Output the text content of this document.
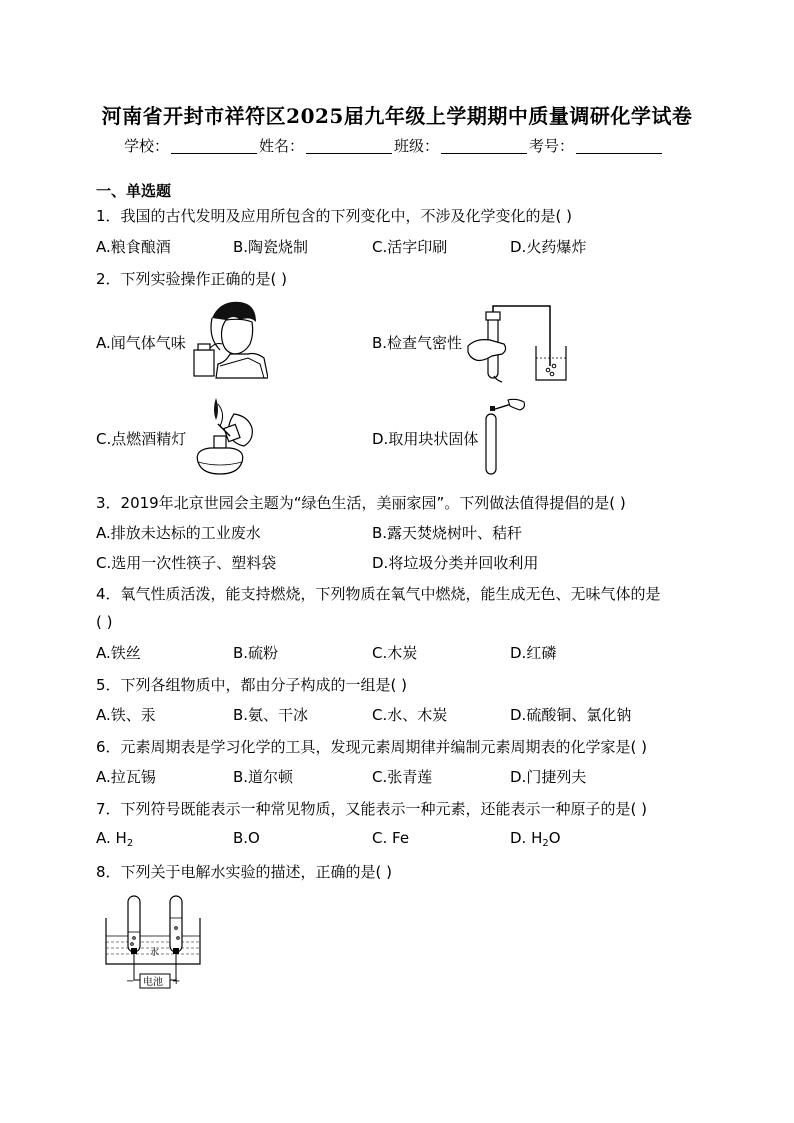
河南省开封市祥符区2025届九年级上学期期中质量调研化学试卷
学校：	姓名：	班级：	考号：
一、单选题
1．我国的古代发明及应用所包含的下列变化中，不涉及化学变化的是( )
A.粮食酿酒	B.陶瓷烧制	C.活字印刷	D.火药爆炸
2．下列实验操作正确的是( )
A.闻气体气味	B.检查气密性
C.点燃酒精灯	D.取用块状固体
3．2019年北京世园会主题为“绿色生活，美丽家园”。下列做法值得提倡的是( )
A.排放未达标的工业废水	B.露天焚烧树叶、秸秆
C.选用一次性筷子、塑料袋	D.将垃圾分类并回收利用
4．氧气性质活泼，能支持燃烧，下列物质在氧气中燃烧，能生成无色、无味气体的是
( )
A.铁丝	B.硫粉	C.木炭	D.红磷
5．下列各组物质中，都由分子构成的一组是( )
A.铁、汞	B.氨、干冰	C.水、木炭	D.硫酸铜、氯化钠
6．元素周期表是学习化学的工具，发现元素周期律并编制元素周期表的化学家是( )
A.拉瓦锡	B.道尔顿	C.张青莲	D.门捷列夫
7．下列符号既能表示一种常见物质，又能表示一种元素，还能表示一种原子的是( )
A. $H_2$	B.O	C. Fe	D. $H_2O$
8．下列关于电解水实验的描述，正确的是( )
水
电池
−	+
